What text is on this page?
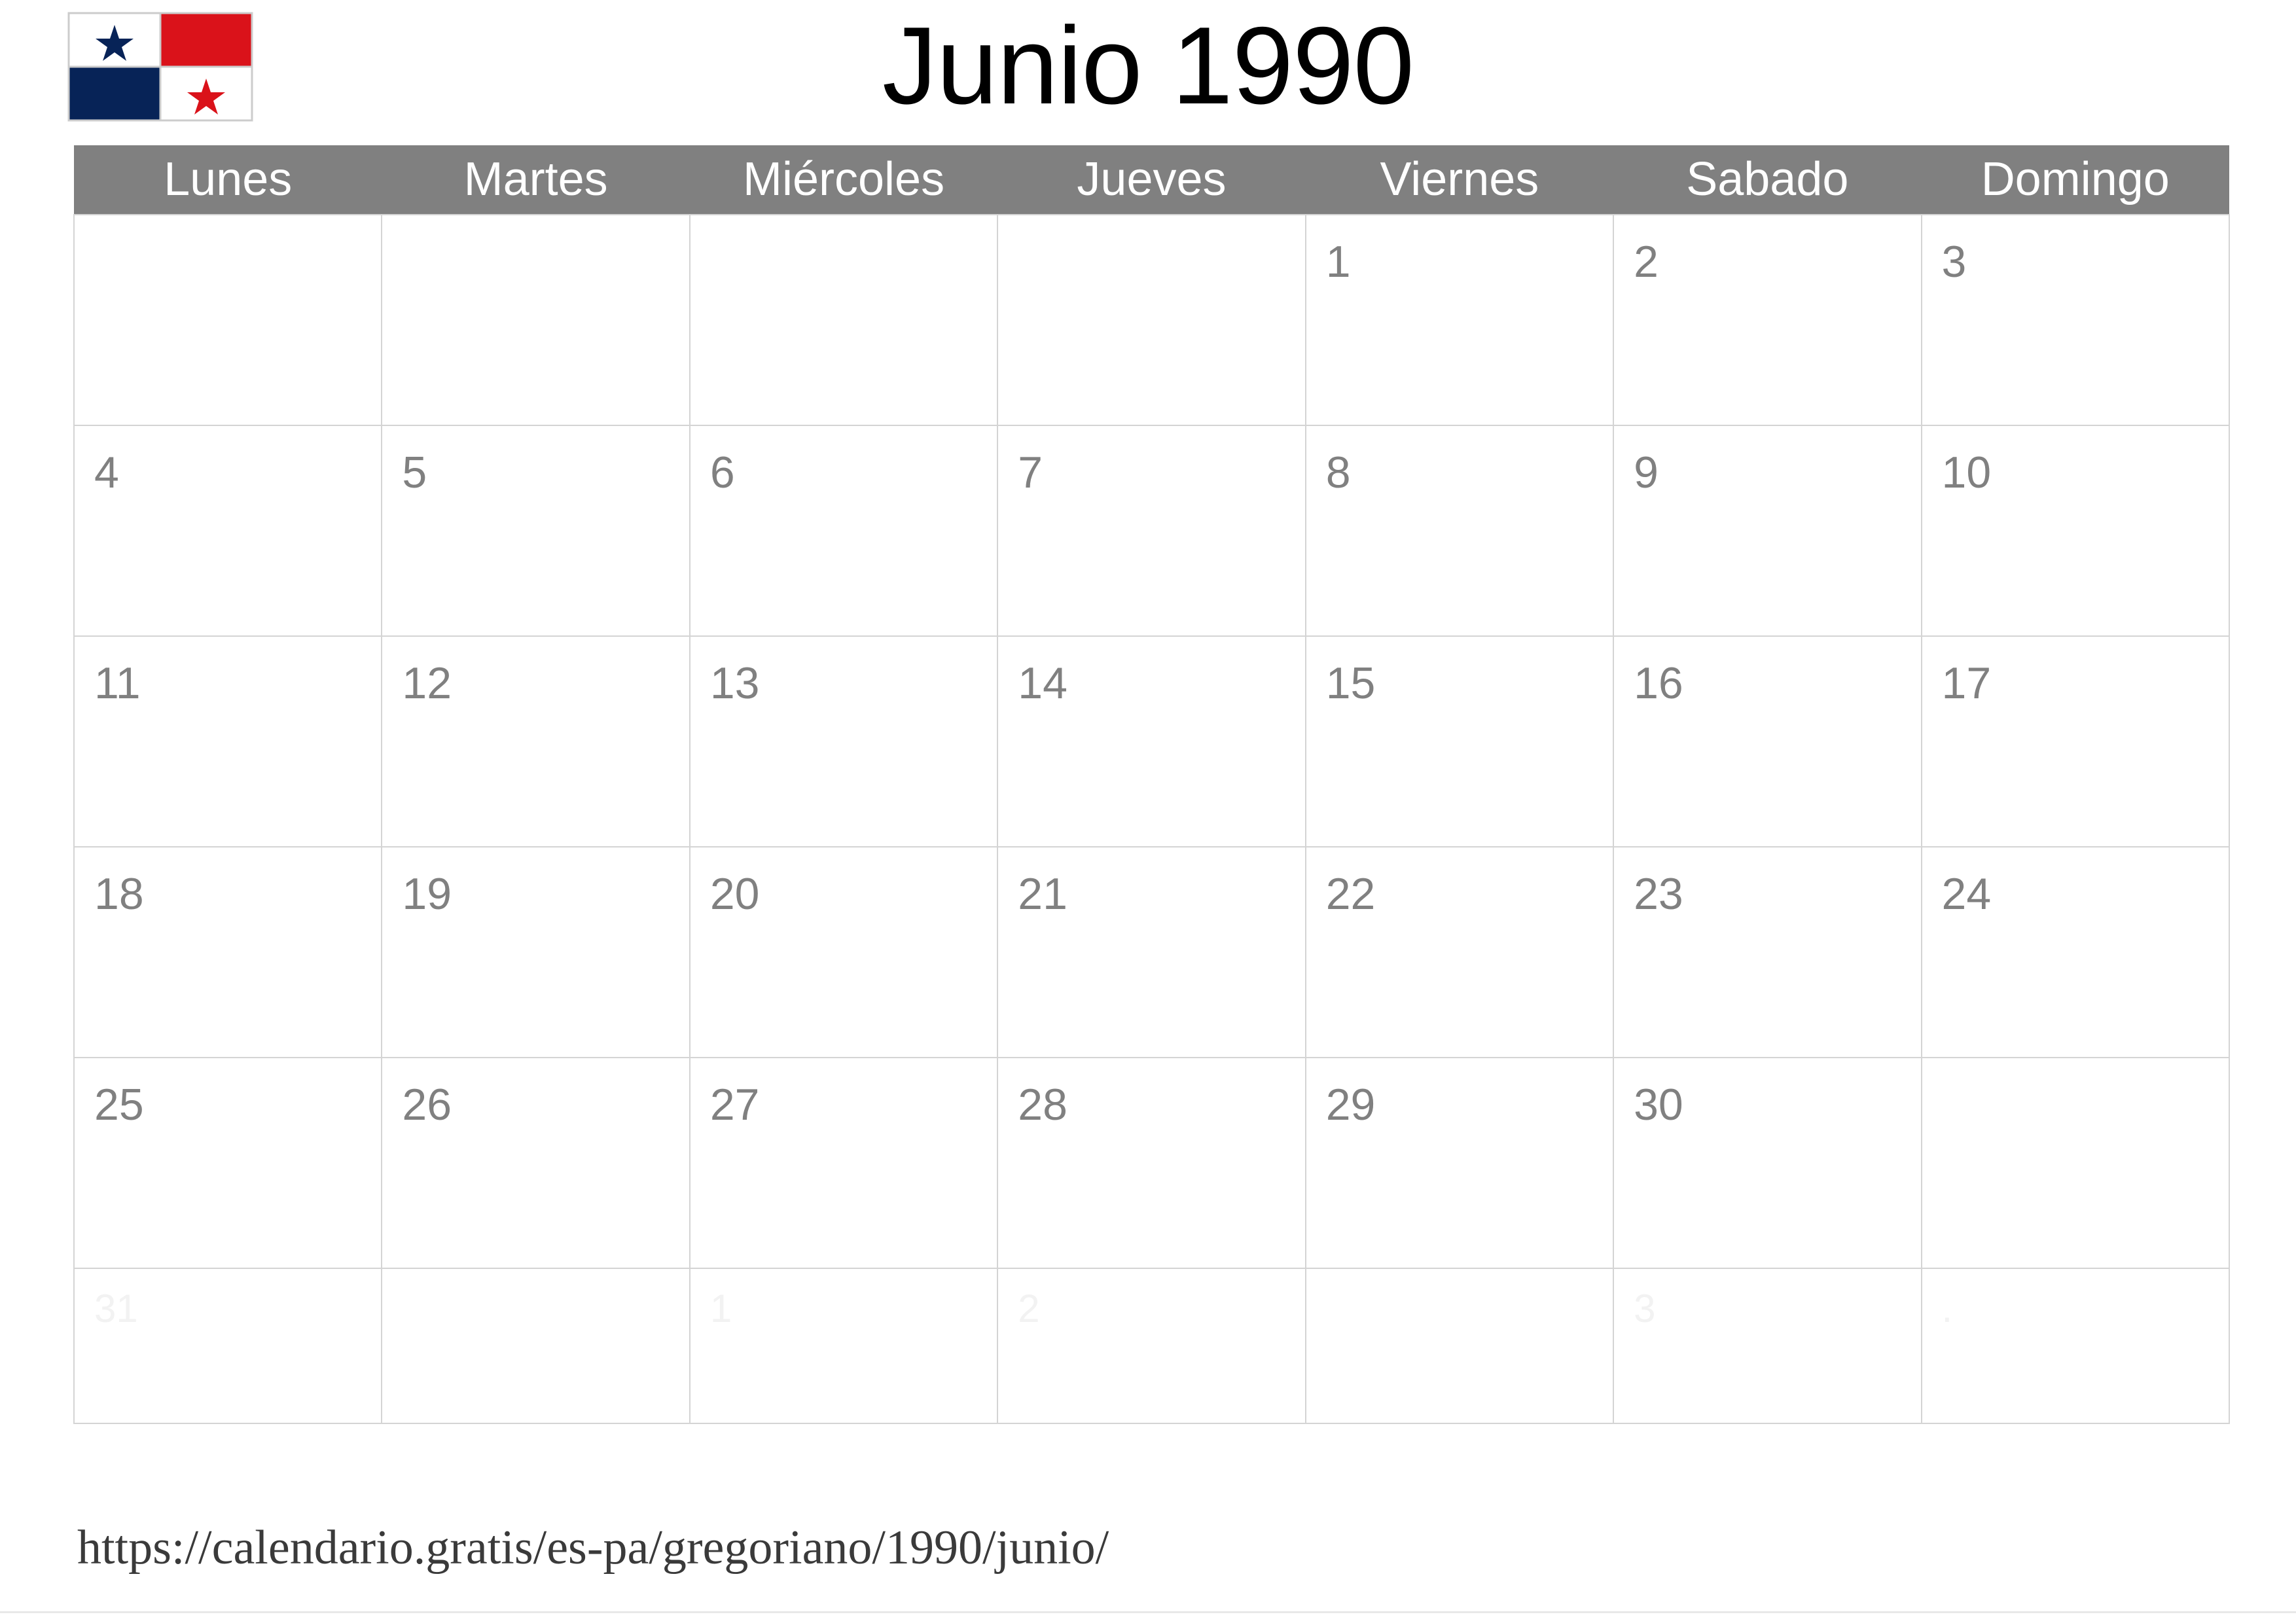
Junio 1990
Lunes	Martes	Miércoles	Jueves	Viernes	Sabado	Domingo

				1	2	3

4	5	6	7	8	9	10

11	12	13	14	15	16	17

18	19	20	21	22	23	24

25	26	27	28	29	30	

31		1	2		3	.
https://calendario.gratis/es-pa/gregoriano/1990/junio/
